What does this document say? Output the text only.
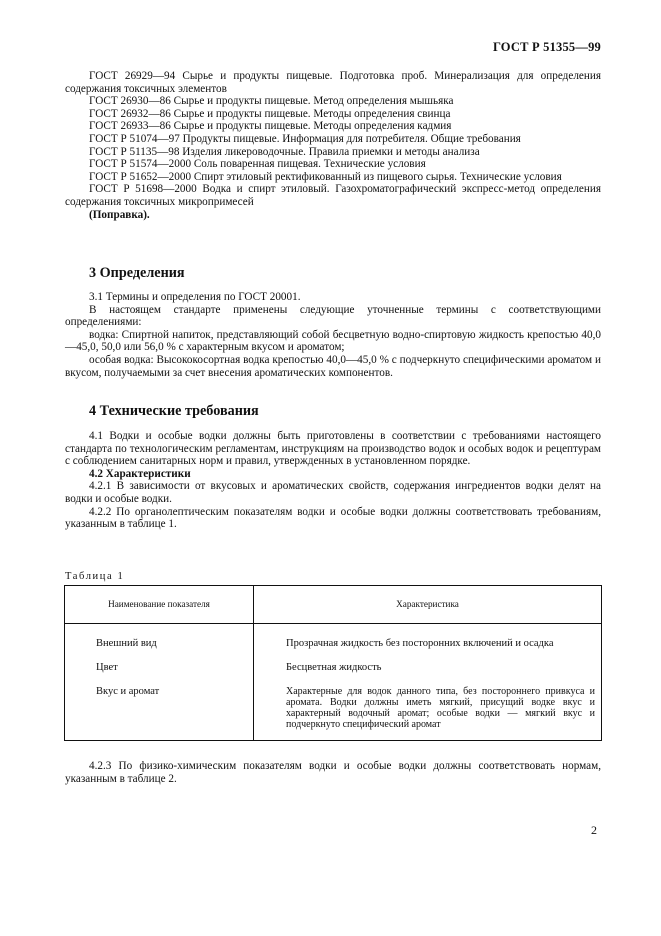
ГОСТ Р 51355—99

ГОСТ 26929—94 Сырье и продукты пищевые. Подготовка проб. Минерализация для определения содержания токсичных элементов

ГОСТ 26930—86 Сырье и продукты пищевые. Метод определения мышьяка

ГОСТ 26932—86 Сырье и продукты пищевые. Методы определения свинца

ГОСТ 26933—86 Сырье и продукты пищевые. Методы определения кадмия

ГОСТ Р 51074—97 Продукты пищевые. Информация для потребителя. Общие требования

ГОСТ Р 51135—98 Изделия ликероводочные. Правила приемки и методы анализа

ГОСТ Р 51574—2000 Соль поваренная пищевая. Технические условия

ГОСТ Р 51652—2000 Спирт этиловый ректификованный из пищевого сырья. Технические условия

ГОСТ Р 51698—2000 Водка и спирт этиловый. Газохроматографический экспресс-метод определения содержания токсичных микропримесей

(Поправка).

3 Определения

3.1 Термины и определения по ГОСТ 20001.

В настоящем стандарте применены следующие уточненные термины с соответствующими определениями:

водка: Спиртной напиток, представляющий собой бесцветную водно-спиртовую жидкость крепостью 40,0—45,0, 50,0 или 56,0 % с характерным вкусом и ароматом;

особая водка: Высококосортная водка крепостью 40,0—45,0 % с подчеркнуто специфическими ароматом и вкусом, получаемыми за счет внесения ароматических компонентов.

4 Технические требования

4.1 Водки и особые водки должны быть приготовлены в соответствии с требованиями настоящего стандарта по технологическим регламентам, инструкциям на производство водок и особых водок и рецептурам с соблюдением санитарных норм и правил, утвержденных в установленном порядке.

4.2 Характеристики

4.2.1 В зависимости от вкусовых и ароматических свойств, содержания ингредиентов водки делят на водки и особые водки.

4.2.2 По органолептическим показателям водки и особые водки должны соответствовать требованиям, указанным в таблице 1.

Таблица 1
Наименование показателя	Характеристика

Внешний вид	Прозрачная жидкость без посторонних включений и осадка

Цвет	Бесцветная жидкость

Вкус и аромат	Характерные для водок данного типа, без постороннего привкуса и аромата. Водки должны иметь мягкий, присущий водке вкус и характерный водочный аромат; особые водки — мягкий вкус и подчеркнуто специфический аромат

4.2.3 По физико-химическим показателям водки и особые водки должны соответствовать нормам, указанным в таблице 2.

2
